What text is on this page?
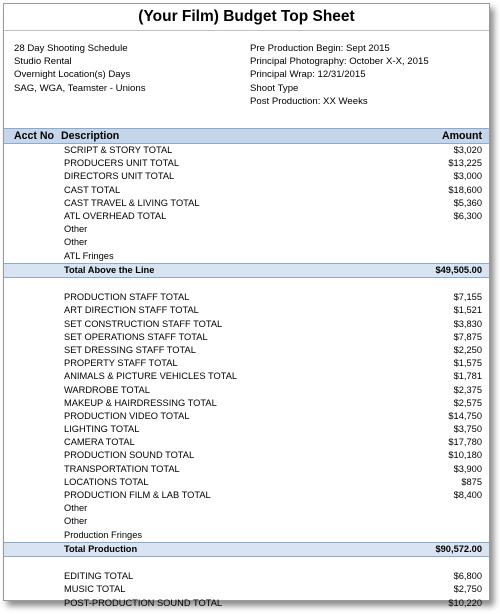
(Your Film) Budget Top Sheet
28 Day Shooting Schedule
Studio Rental
Overnight Location(s) Days
SAG, WGA, Teamster - Unions
Pre Production Begin: Sept 2015
Principal Photography: October X-X, 2015
Principal Wrap: 12/31/2015
Shoot Type
Post Production: XX Weeks
Acct No Description	Amount
SCRIPT & STORY TOTAL	$3,020
PRODUCERS UNIT TOTAL	$13,225
DIRECTORS UNIT TOTAL	$3,000
CAST TOTAL	$18,600
CAST TRAVEL & LIVING TOTAL	$5,360
ATL OVERHEAD TOTAL	$6,300
Other
Other
ATL Fringes
Total Above the Line	$49,505.00
PRODUCTION STAFF TOTAL	$7,155
ART DIRECTION STAFF TOTAL	$1,521
SET CONSTRUCTION STAFF TOTAL	$3,830
SET OPERATIONS STAFF TOTAL	$7,875
SET DRESSING STAFF TOTAL	$2,250
PROPERTY STAFF TOTAL	$1,575
ANIMALS & PICTURE VEHICLES TOTAL	$1,781
WARDROBE TOTAL	$2,375
MAKEUP & HAIRDRESSING TOTAL	$2,575
PRODUCTION VIDEO TOTAL	$14,750
LIGHTING TOTAL	$3,750
CAMERA TOTAL	$17,780
PRODUCTION SOUND TOTAL	$10,180
TRANSPORTATION TOTAL	$3,900
LOCATIONS TOTAL	$875
PRODUCTION FILM & LAB TOTAL	$8,400
Other
Other
Production Fringes
Total Production	$90,572.00
EDITING TOTAL	$6,800
MUSIC TOTAL	$2,750
POST-PRODUCTION SOUND TOTAL	$10,220
